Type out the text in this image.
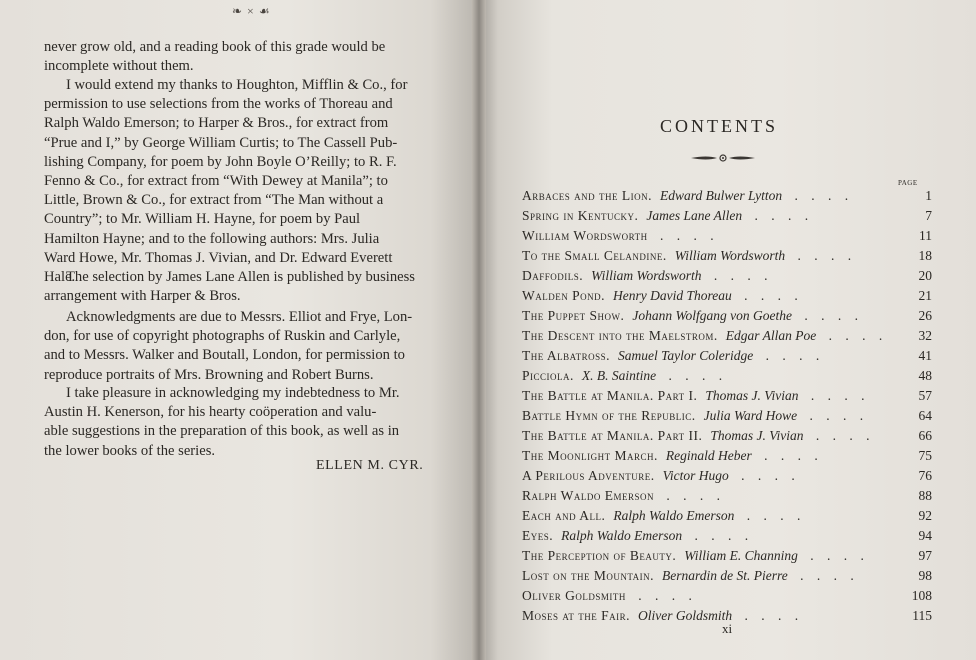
❧ × ☙
never grow old, and a reading book of this grade would be
incomplete without them.
I would extend my thanks to Houghton, Mifflin & Co., for
permission to use selections from the works of Thoreau and
Ralph Waldo Emerson; to Harper & Bros., for extract from
“Prue and I,” by George William Curtis; to The Cassell Pub-
lishing Company, for poem by John Boyle O’Reilly; to R. F.
Fenno & Co., for extract from “With Dewey at Manila”; to
Little, Brown & Co., for extract from “The Man without a
Country”; to Mr. William H. Hayne, for poem by Paul
Hamilton Hayne; and to the following authors: Mrs. Julia
Ward Howe, Mr. Thomas J. Vivian, and Dr. Edward Everett
Hale.
The selection by James Lane Allen is published by business
arrangement with Harper & Bros.
Acknowledgments are due to Messrs. Elliot and Frye, Lon-
don, for use of copyright photographs of Ruskin and Carlyle,
and to Messrs. Walker and Boutall, London, for permission to
reproduce portraits of Mrs. Browning and Robert Burns.
I take pleasure in acknowledging my indebtedness to Mr.
Austin H. Kenerson, for his hearty coöperation and valu-
able suggestions in the preparation of this book, as well as in
the lower books of the series.
ELLEN M. CYR.
CONTENTS
PAGE
Arbaces and the Lion. Edward Bulwer Lytton . . . .	1
Spring in Kentucky. James Lane Allen . . . .	7
William Wordsworth . . . .	11
To the Small Celandine. William Wordsworth . . . .	18
Daffodils. William Wordsworth . . . .	20
Walden Pond. Henry David Thoreau . . . .	21
The Puppet Show. Johann Wolfgang von Goethe . . . .	26
The Descent into the Maelstrom. Edgar Allan Poe . . . . 32
The Albatross. Samuel Taylor Coleridge . . . .	41
Picciola. X. B. Saintine . . . .	48
The Battle at Manila. Part I. Thomas J. Vivian . . . .	57
Battle Hymn of the Republic. Julia Ward Howe . . . .	64
The Battle at Manila. Part II. Thomas J. Vivian . . . .	66
The Moonlight March. Reginald Heber . . . .	75
A Perilous Adventure. Victor Hugo . . . .	76
Ralph Waldo Emerson . . . .	88
Each and All. Ralph Waldo Emerson . . . .	92
Eyes. Ralph Waldo Emerson . . . .	94
The Perception of Beauty. William E. Channing . . . .	97
Lost on the Mountain. Bernardin de St. Pierre . . . .	98
Oliver Goldsmith . . . .	108
Moses at the Fair. Oliver Goldsmith . . . .	115
xi
